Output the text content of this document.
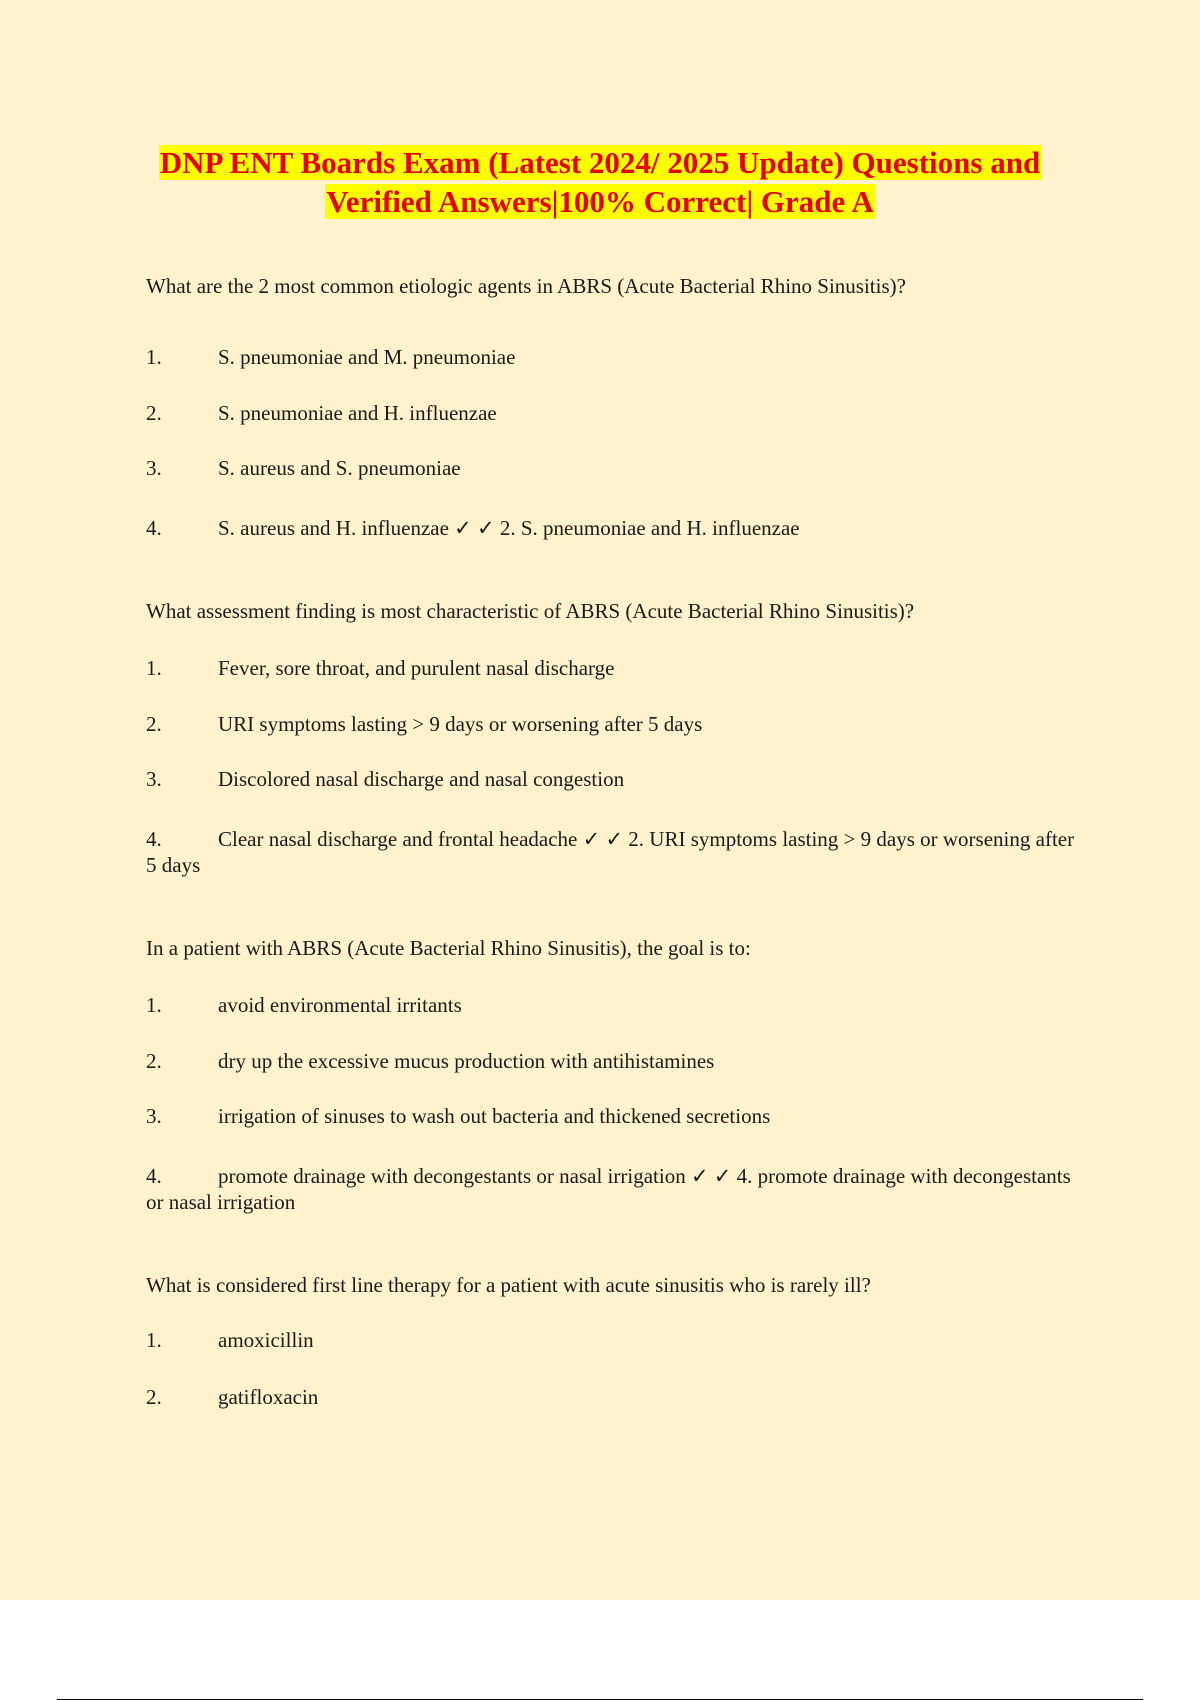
DNP ENT Boards Exam (Latest 2024/ 2025 Update) Questions and
Verified Answers|100% Correct| Grade A

What are the 2 most common etiologic agents in ABRS (Acute Bacterial Rhino Sinusitis)?

1.	S. pneumoniae and M. pneumoniae
2.	S. pneumoniae and H. influenzae
3.	S. aureus and S. pneumoniae
4.	S. aureus and H. influenzae ✓ ✓ 2. S. pneumoniae and H. influenzae

What assessment finding is most characteristic of ABRS (Acute Bacterial Rhino Sinusitis)?

1.	Fever, sore throat, and purulent nasal discharge
2.	URI symptoms lasting > 9 days or worsening after 5 days
3.	Discolored nasal discharge and nasal congestion
4.	Clear nasal discharge and frontal headache ✓ ✓ 2. URI symptoms lasting > 9 days or worsening after 5 days

In a patient with ABRS (Acute Bacterial Rhino Sinusitis), the goal is to:

1.	avoid environmental irritants
2.	dry up the excessive mucus production with antihistamines
3.	irrigation of sinuses to wash out bacteria and thickened secretions
4.	promote drainage with decongestants or nasal irrigation ✓ ✓ 4. promote drainage with decongestants or nasal irrigation

What is considered first line therapy for a patient with acute sinusitis who is rarely ill?

1.	amoxicillin
2.	gatifloxacin
